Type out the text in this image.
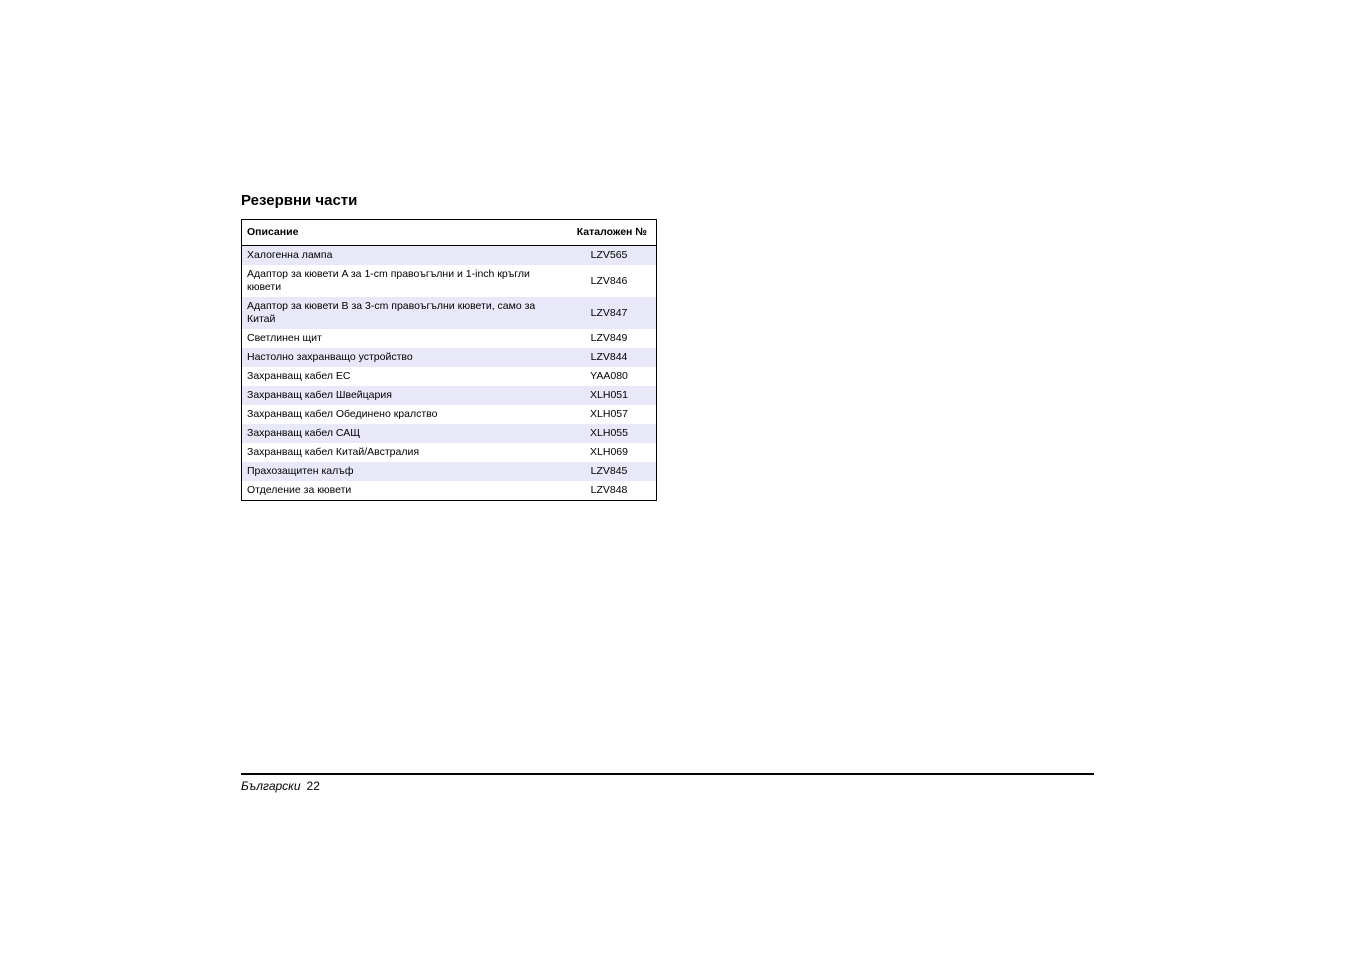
Резервни части
Описание	Каталожен №
Халогенна лампа	LZV565
Адаптор за кювети A за 1-cm правоъгълни и 1-inch кръгли кювети	LZV846
Адаптор за кювети B за 3-cm правоъгълни кювети, само за Китай	LZV847
Светлинен щит	LZV849
Настолно захранващо устройство	LZV844
Захранващ кабел ЕС	YAA080
Захранващ кабел Швейцария	XLH051
Захранващ кабел Обединено кралство	XLH057
Захранващ кабел САЩ	XLH055
Захранващ кабел Китай/Австралия	XLH069
Прахозащитен калъф	LZV845
Отделение за кювети	LZV848
Български 22
